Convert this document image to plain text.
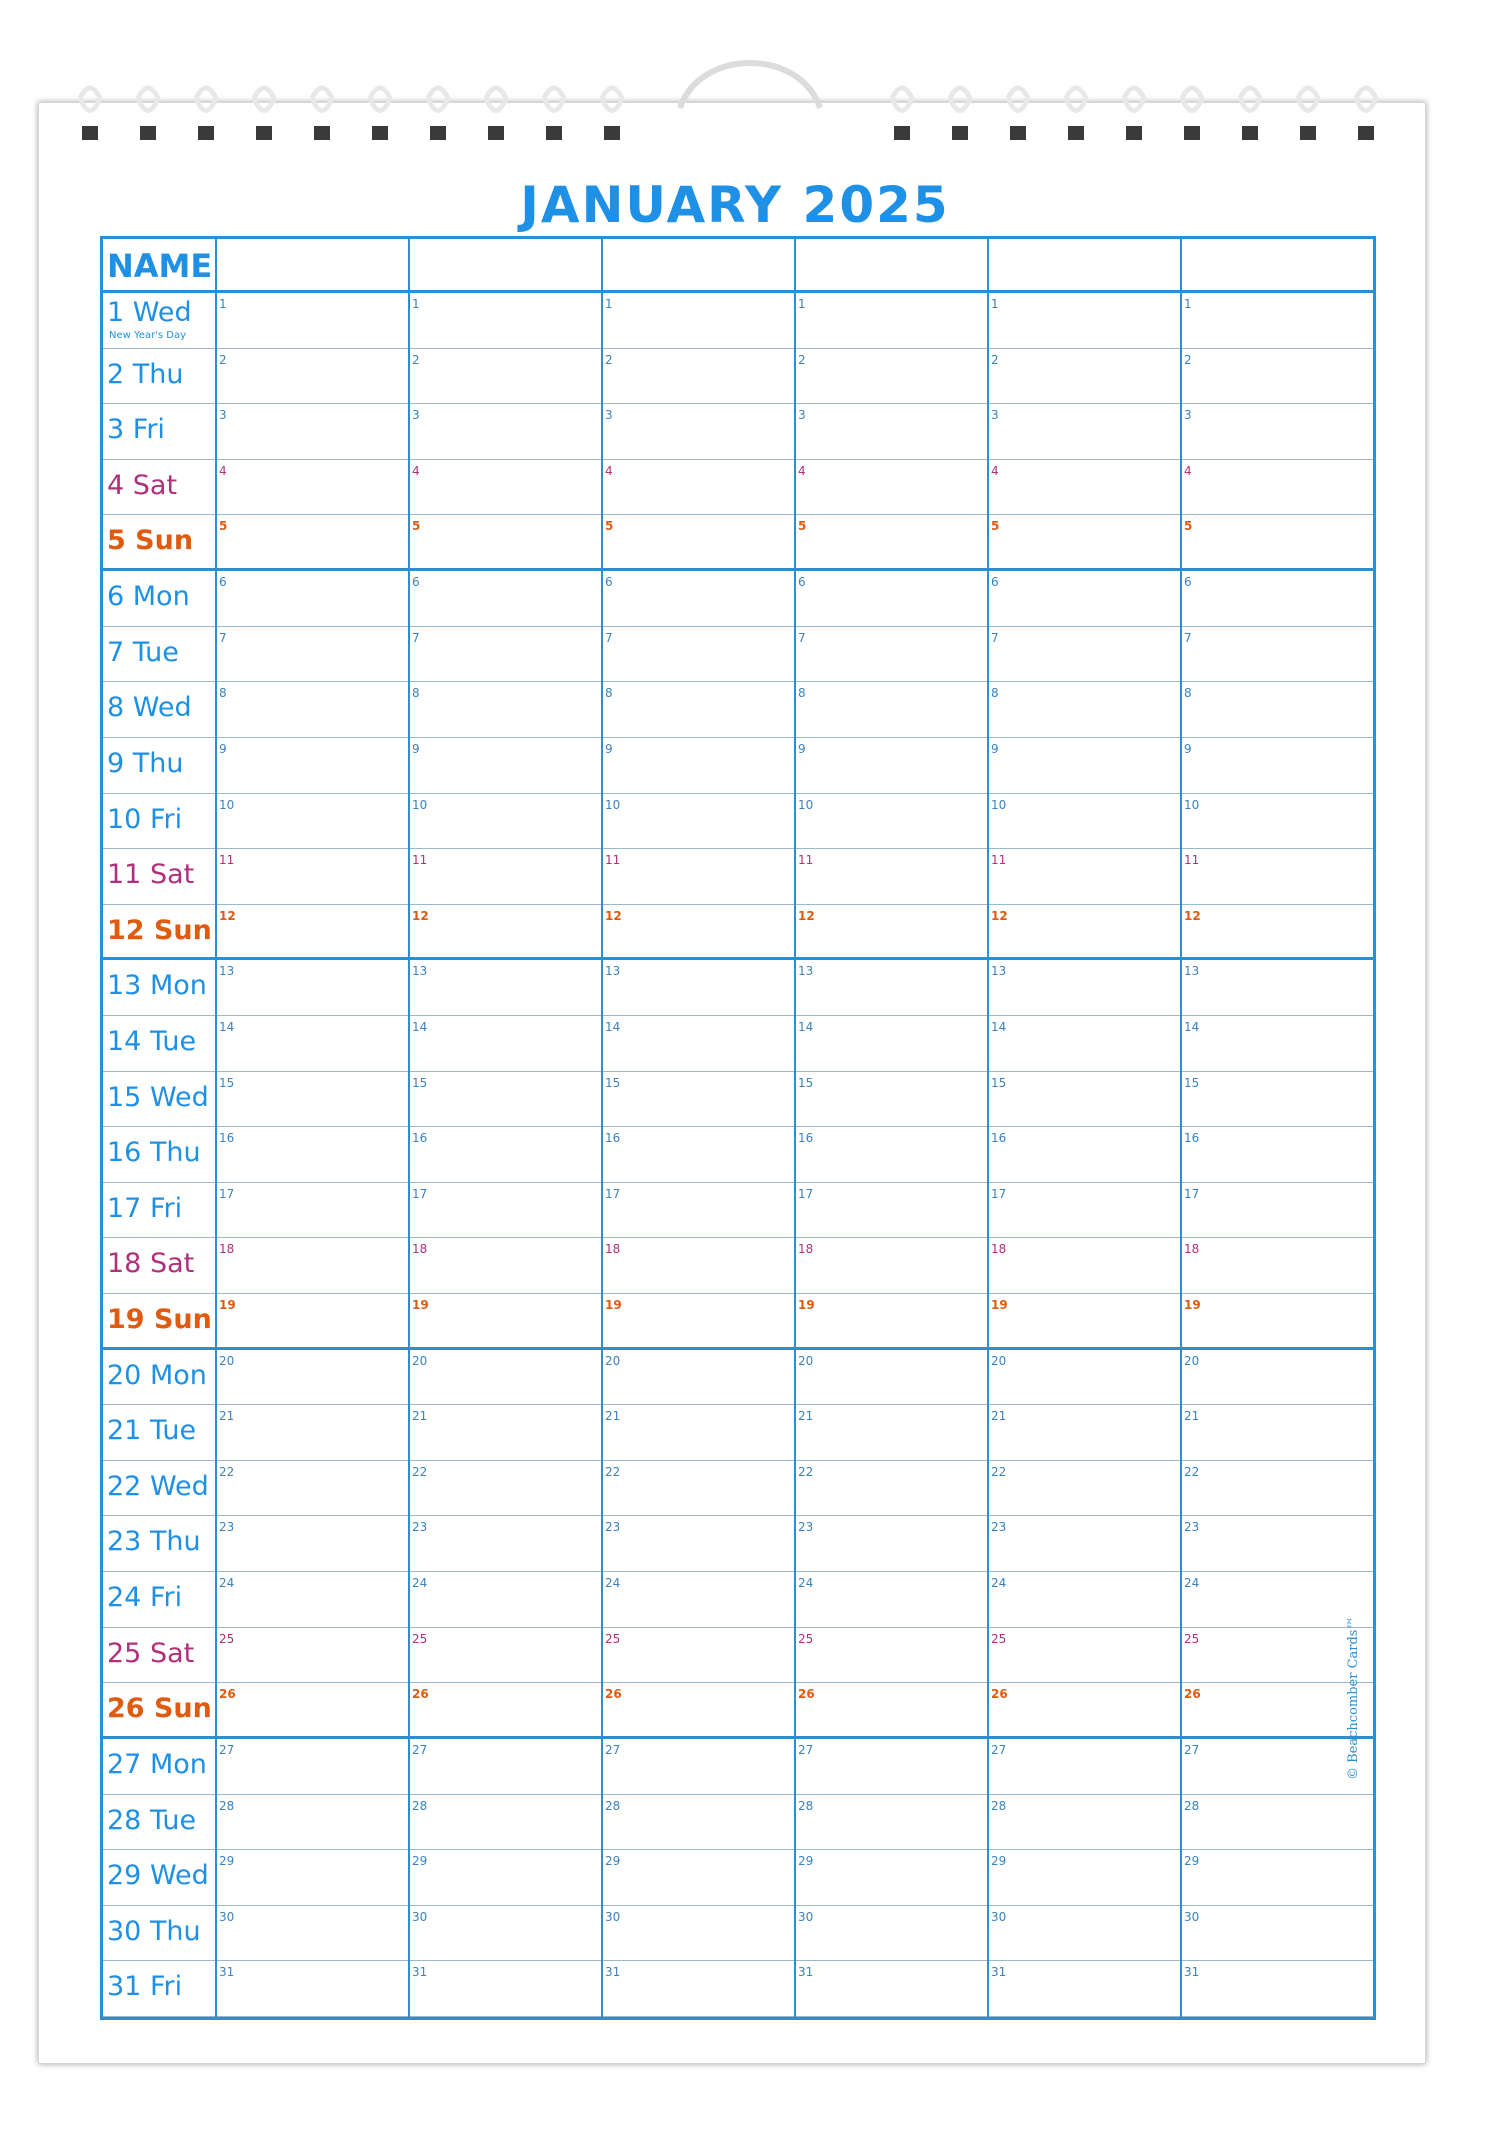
JANUARY 2025
NAME
1 Wed
New Year's Day
1	1	1	1	1	1
2 Thu	2	2	2	2	2	2
3 Fri	3	3	3	3	3	3
4 Sat	4	4	4	4	4	4
5 Sun 5	5	5	5	5	5
6 Mon 6	6	6	6	6	6
7 Tue	7	7	7	7	7	7
8 Wed 8	8	8	8	8	8
9 Thu	9	9	9	9	9	9
10 Fri	10	10	10	10	10	10
11 Sat 11	11	11	11	11	11
12 Sun 12	12	12	12	12	12
13 Mon 13	13	13	13	13	13
14 Tue 14	14	14	14	14	14
15 Wed 15	15	15	15	15	15
16 Thu 16	16	16	16	16	16
17 Fri	17	17	17	17	17	17
18 Sat 18	18	18	18	18	18
19 Sun 19	19	19	19	19	19
20 Mon 20	20	20	20	20	20
21 Tue 21	21	21	21	21	21
22 Wed 22	22	22	22	22	22
23 Thu 23	23	23	23	23	23
24 Fri	24	24	24	24	24	24
25 Sat 25	25	25	25	25	25
26 Sun 26	26	26	26	26	26
27 Mon 27	27	27	27	27	27
28 Tue 28	28	28	28	28	28
29 Wed 29	29	29	29	29	29
30 Thu 30	30	30	30	30	30
31 Fri	31	31	31	31	31	31
© Beachcomber Cards™
